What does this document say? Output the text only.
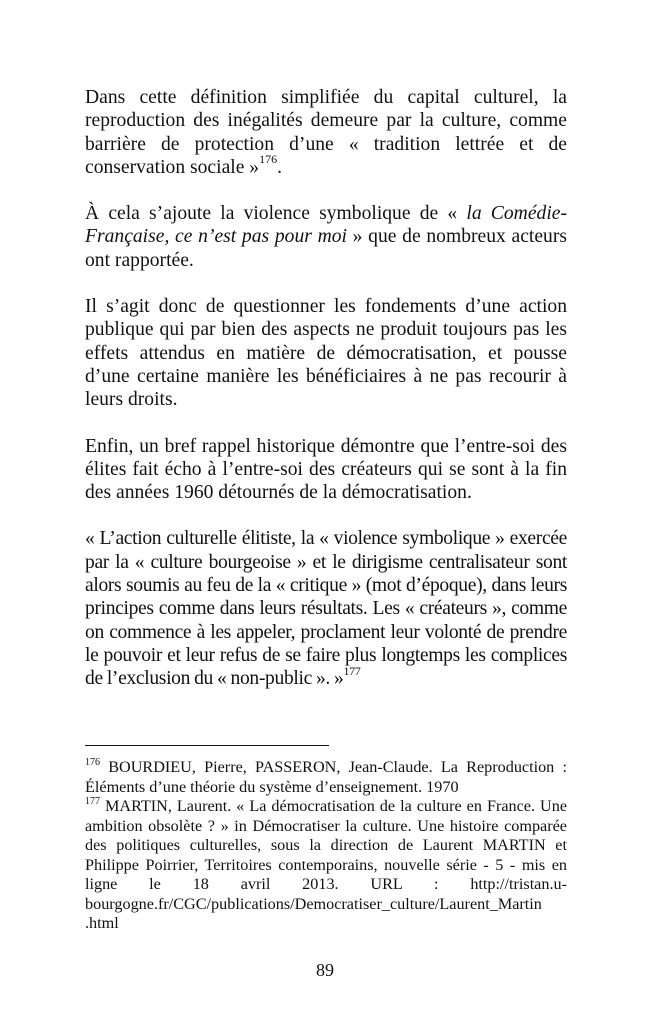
Dans cette définition simplifiée du capital culturel, la reproduction des inégalités demeure par la culture, comme barrière de protection d’une « tradition lettrée et de conservation sociale »$^{176}$.

À cela s’ajoute la violence symbolique de « la Comédie-Française, ce n’est pas pour moi » que de nombreux acteurs ont rapportée.

Il s’agit donc de questionner les fondements d’une action publique qui par bien des aspects ne produit toujours pas les effets attendus en matière de démocratisation, et pousse d’une certaine manière les bénéficiaires à ne pas recourir à leurs droits.

Enfin, un bref rappel historique démontre que l’entre-soi des élites fait écho à l’entre-soi des créateurs qui se sont à la fin des années 1960 détournés de la démocratisation.

« L’action culturelle élitiste, la « violence symbolique » exercée par la « culture bourgeoise » et le dirigisme centralisateur sont alors soumis au feu de la « critique » (mot d’époque), dans leurs principes comme dans leurs résultats. Les « créateurs », comme on commence à les appeler, proclament leur volonté de prendre le pouvoir et leur refus de se faire plus longtemps les complices de l’exclusion du « non-public ». »$^{177}$

$^{176}$ BOURDIEU, Pierre, PASSERON, Jean-Claude. La Reproduction : Éléments d’une théorie du système d’enseignement. 1970

$^{177}$ MARTIN, Laurent. « La démocratisation de la culture en France. Une ambition obsolète ? » in Démocratiser la culture. Une histoire comparée des politiques culturelles, sous la direction de Laurent MARTIN et Philippe Poirrier, Territoires contemporains, nouvelle série - 5 - mis en ligne le 18 avril 2013. URL : http://tristan.u-bourgogne.fr/CGC/publications/Democratiser_culture/Laurent_Martin .html

89
